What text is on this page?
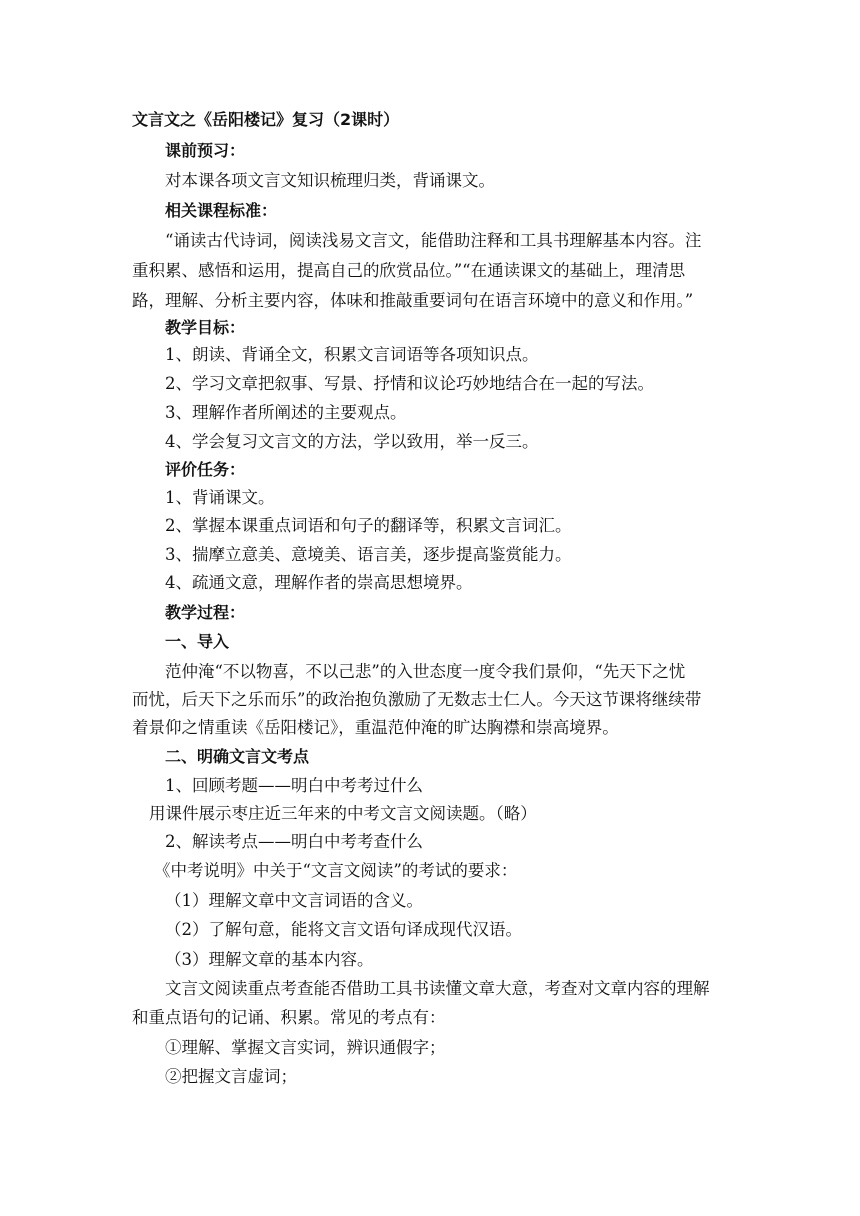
文言文之《岳阳楼记》复习（2课时）

课前预习：

对本课各项文言文知识梳理归类，背诵课文。

相关课程标准：

“诵读古代诗词，阅读浅易文言文，能借助注释和工具书理解基本内容。注

重积累、感悟和运用，提高自己的欣赏品位。”“在通读课文的基础上，理清思

路，理解、分析主要内容，体味和推敲重要词句在语言环境中的意义和作用。”

教学目标：

1、朗读、背诵全文，积累文言词语等各项知识点。

2、学习文章把叙事、写景、抒情和议论巧妙地结合在一起的写法。

3、理解作者所阐述的主要观点。

4、学会复习文言文的方法，学以致用，举一反三。

评价任务：

1、背诵课文。

2、掌握本课重点词语和句子的翻译等，积累文言词汇。

3、揣摩立意美、意境美、语言美，逐步提高鉴赏能力。

4、疏通文意，理解作者的崇高思想境界。

教学过程：

一、导入

范仲淹“不以物喜，不以己悲”的入世态度一度令我们景仰，“先天下之忧

而忧，后天下之乐而乐”的政治抱负激励了无数志士仁人。今天这节课将继续带

着景仰之情重读《岳阳楼记》，重温范仲淹的旷达胸襟和崇高境界。

二、明确文言文考点

1、回顾考题——明白中考考过什么

用课件展示枣庄近三年来的中考文言文阅读题。（略）

2、解读考点——明白中考考查什么

《中考说明》中关于“文言文阅读”的考试的要求：

（1）理解文章中文言词语的含义。

（2）了解句意，能将文言文语句译成现代汉语。

（3）理解文章的基本内容。

文言文阅读重点考查能否借助工具书读懂文章大意，考查对文章内容的理解

和重点语句的记诵、积累。常见的考点有：

①理解、掌握文言实词，辨识通假字；

②把握文言虚词；
